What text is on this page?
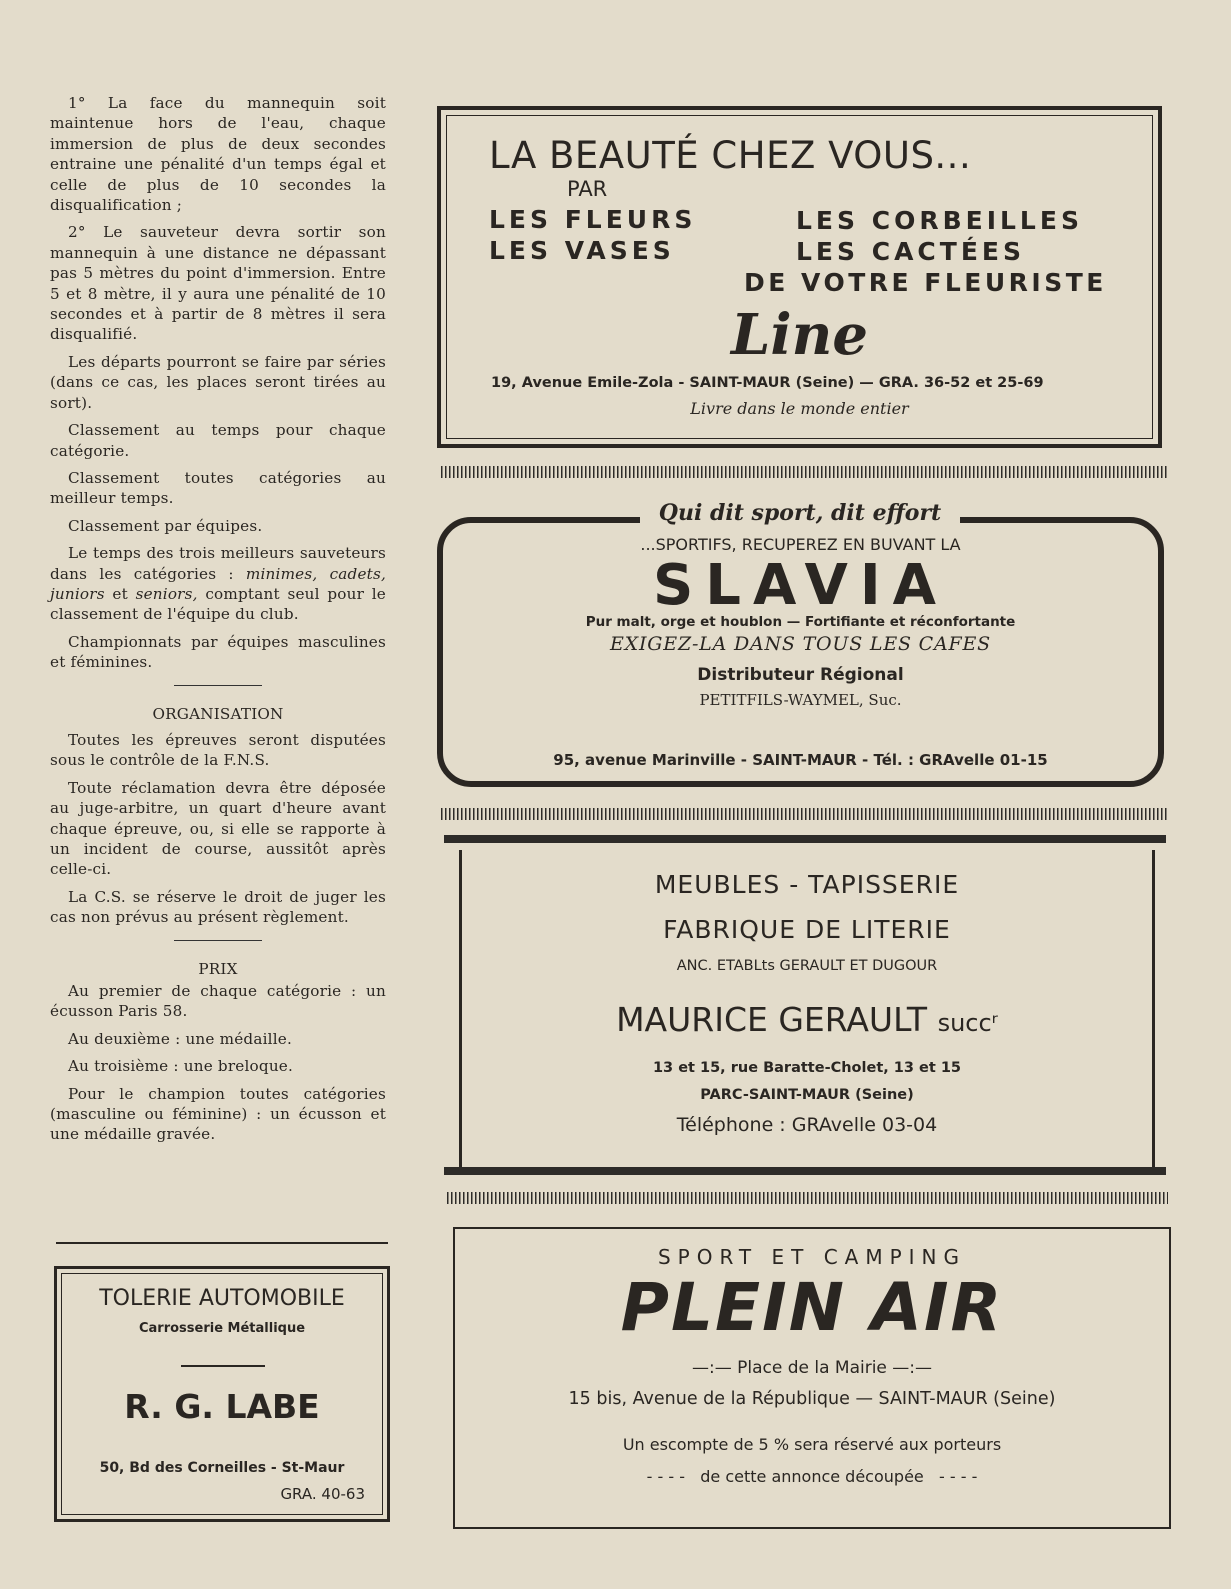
1° La face du mannequin soit maintenue hors de l'eau, chaque immersion de plus de deux secondes entraine une pénalité d'un temps égal et celle de plus de 10 secondes la disqualification ;

2° Le sauveteur devra sortir son mannequin à une distance ne dépassant pas 5 mètres du point d'immersion. Entre 5 et 8 mètre, il y aura une pénalité de 10 secondes et à partir de 8 mètres il sera disqualifié.

Les départs pourront se faire par séries (dans ce cas, les places seront tirées au sort).

Classement au temps pour chaque catégorie.

Classement toutes catégories au meilleur temps.

Classement par équipes.

Le temps des trois meilleurs sauveteurs dans les catégories : minimes, cadets, juniors et seniors, comptant seul pour le classement de l'équipe du club.

Championnats par équipes masculines et féminines.

ORGANISATION

Toutes les épreuves seront disputées sous le contrôle de la F.N.S.

Toute réclamation devra être déposée au juge-arbitre, un quart d'heure avant chaque épreuve, ou, si elle se rapporte à un incident de course, aussitôt après celle-ci.

La C.S. se réserve le droit de juger les cas non prévus au présent règlement.

PRIX

Au premier de chaque catégorie : un écusson Paris 58.

Au deuxième : une médaille.

Au troisième : une breloque.

Pour le champion toutes catégories (masculine ou féminine) : un écusson et une médaille gravée.

LA BEAUTÉ CHEZ VOUS...
PAR
LES FLEURS
LES VASES
LES CORBEILLES
LES CACTÉES
DE VOTRE FLEURISTE
Line
19, Avenue Emile-Zola - SAINT-MAUR (Seine) — GRA. 36-52 et 25-69
Livre dans le monde entier
...SPORTIFS, RECUPEREZ EN BUVANT LA
SLAVIA
Pur malt, orge et houblon — Fortifiante et réconfortante
EXIGEZ-LA DANS TOUS LES CAFES
Distributeur Régional
PETITFILS-WAYMEL, Suc.
95, avenue Marinville - SAINT-MAUR - Tél. : GRAvelle 01-15
Qui dit sport, dit effort
MEUBLES - TAPISSERIE
FABRIQUE DE LITERIE
ANC. ETABLts GERAULT ET DUGOUR
MAURICE GERAULT succʳ
13 et 15, rue Baratte-Cholet, 13 et 15
PARC-SAINT-MAUR (Seine)
Téléphone : GRAvelle 03-04
SPORT ET CAMPING
PLEIN AIR
—:— Place de la Mairie —:—
15 bis, Avenue de la République — SAINT-MAUR (Seine)
Un escompte de 5 % sera réservé aux porteurs
- - - -   de cette annonce découpée   - - - -
TOLERIE AUTOMOBILE
Carrosserie Métallique
R. G. LABE
50, Bd des Corneilles - St-Maur
GRA. 40-63
